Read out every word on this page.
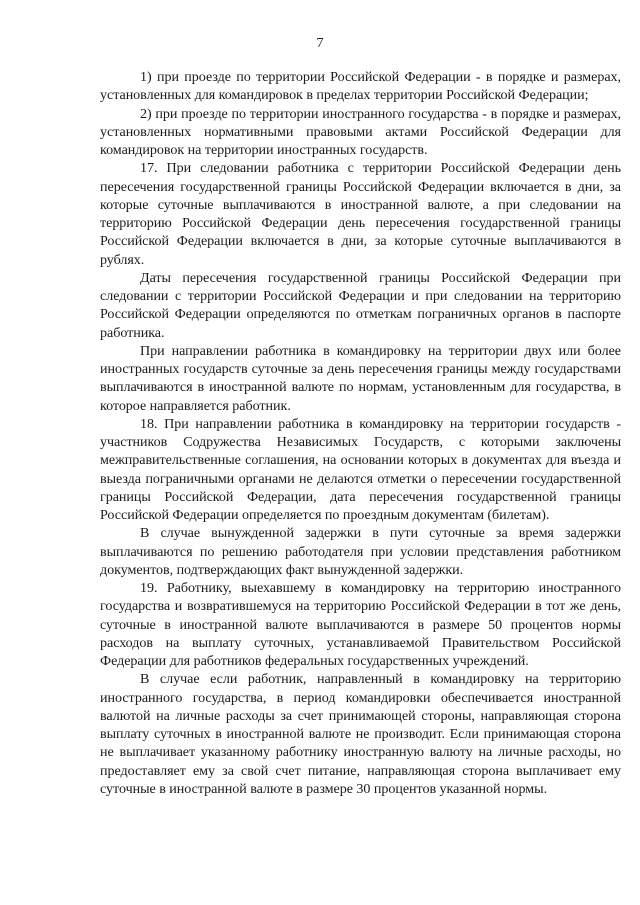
7

1) при проезде по территории Российской Федерации - в порядке и размерах, установленных для командировок в пределах территории Российской Федерации;

2) при проезде по территории иностранного государства - в порядке и размерах, установленных нормативными правовыми актами Российской Федерации для командировок на территории иностранных государств.

17. При следовании работника с территории Российской Федерации день пересечения государственной границы Российской Федерации включается в дни, за которые суточные выплачиваются в иностранной валюте, а при следовании на территорию Российской Федерации день пересечения государственной границы Российской Федерации включается в дни, за которые суточные выплачиваются в рублях.

Даты пересечения государственной границы Российской Федерации при следовании с территории Российской Федерации и при следовании на территорию Российской Федерации определяются по отметкам пограничных органов в паспорте работника.

При направлении работника в командировку на территории двух или более иностранных государств суточные за день пересечения границы между государствами выплачиваются в иностранной валюте по нормам, установленным для государства, в которое направляется работник.

18. При направлении работника в командировку на территории государств - участников Содружества Независимых Государств, с которыми заключены межправительственные соглашения, на основании которых в документах для въезда и выезда пограничными органами не делаются отметки о пересечении государственной границы Российской Федерации, дата пересечения государственной границы Российской Федерации определяется по проездным документам (билетам).

В случае вынужденной задержки в пути суточные за время задержки выплачиваются по решению работодателя при условии представления работником документов, подтверждающих факт вынужденной задержки.

19. Работнику, выехавшему в командировку на территорию иностранного государства и возвратившемуся на территорию Российской Федерации в тот же день, суточные в иностранной валюте выплачиваются в размере 50 процентов нормы расходов на выплату суточных, устанавливаемой Правительством Российской Федерации для работников федеральных государственных учреждений.

В случае если работник, направленный в командировку на территорию иностранного государства, в период командировки обеспечивается иностранной валютой на личные расходы за счет принимающей стороны, направляющая сторона выплату суточных в иностранной валюте не производит. Если принимающая сторона не выплачивает указанному работнику иностранную валюту на личные расходы, но предоставляет ему за свой счет питание, направляющая сторона выплачивает ему суточные в иностранной валюте в размере 30 процентов указанной нормы.
